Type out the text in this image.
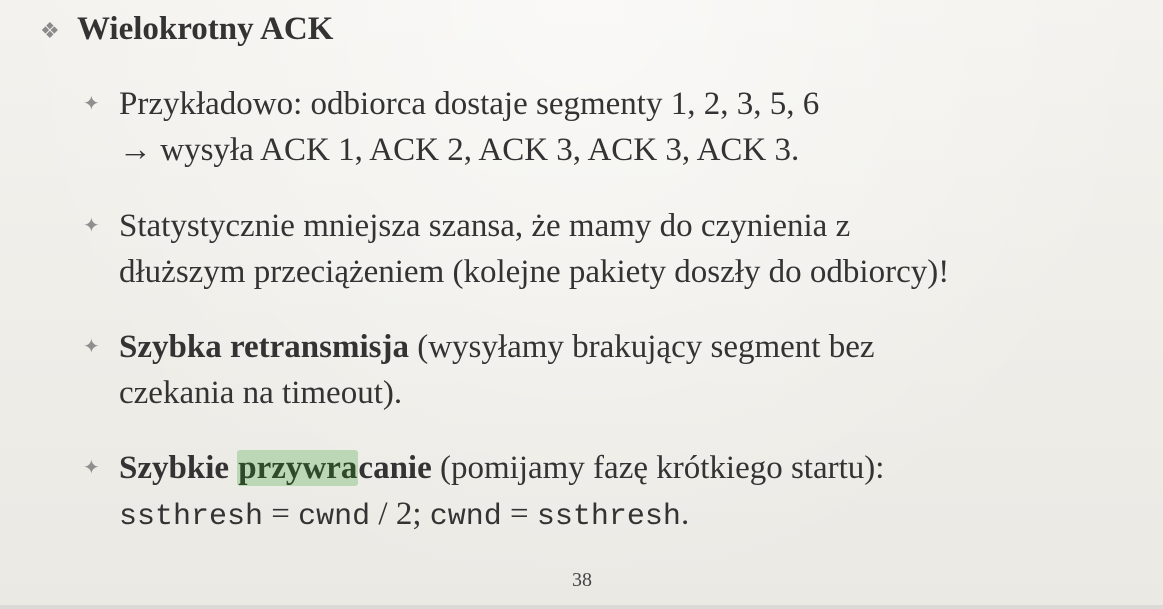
❖ Wielokrotny ACK
✦ Przykładowo: odbiorca dostaje segmenty 1, 2, 3, 5, 6
→ wysyła ACK 1, ACK 2, ACK 3, ACK 3, ACK 3.
✦ Statystycznie mniejsza szansa, że mamy do czynienia z
dłuższym przeciążeniem (kolejne pakiety doszły do odbiorcy)!
✦ Szybka retransmisja (wysyłamy brakujący segment bez
czekania na timeout).
✦ Szybkie przywracanie (pomijamy fazę krótkiego startu):
ssthresh = cwnd / 2; cwnd = ssthresh.
38
